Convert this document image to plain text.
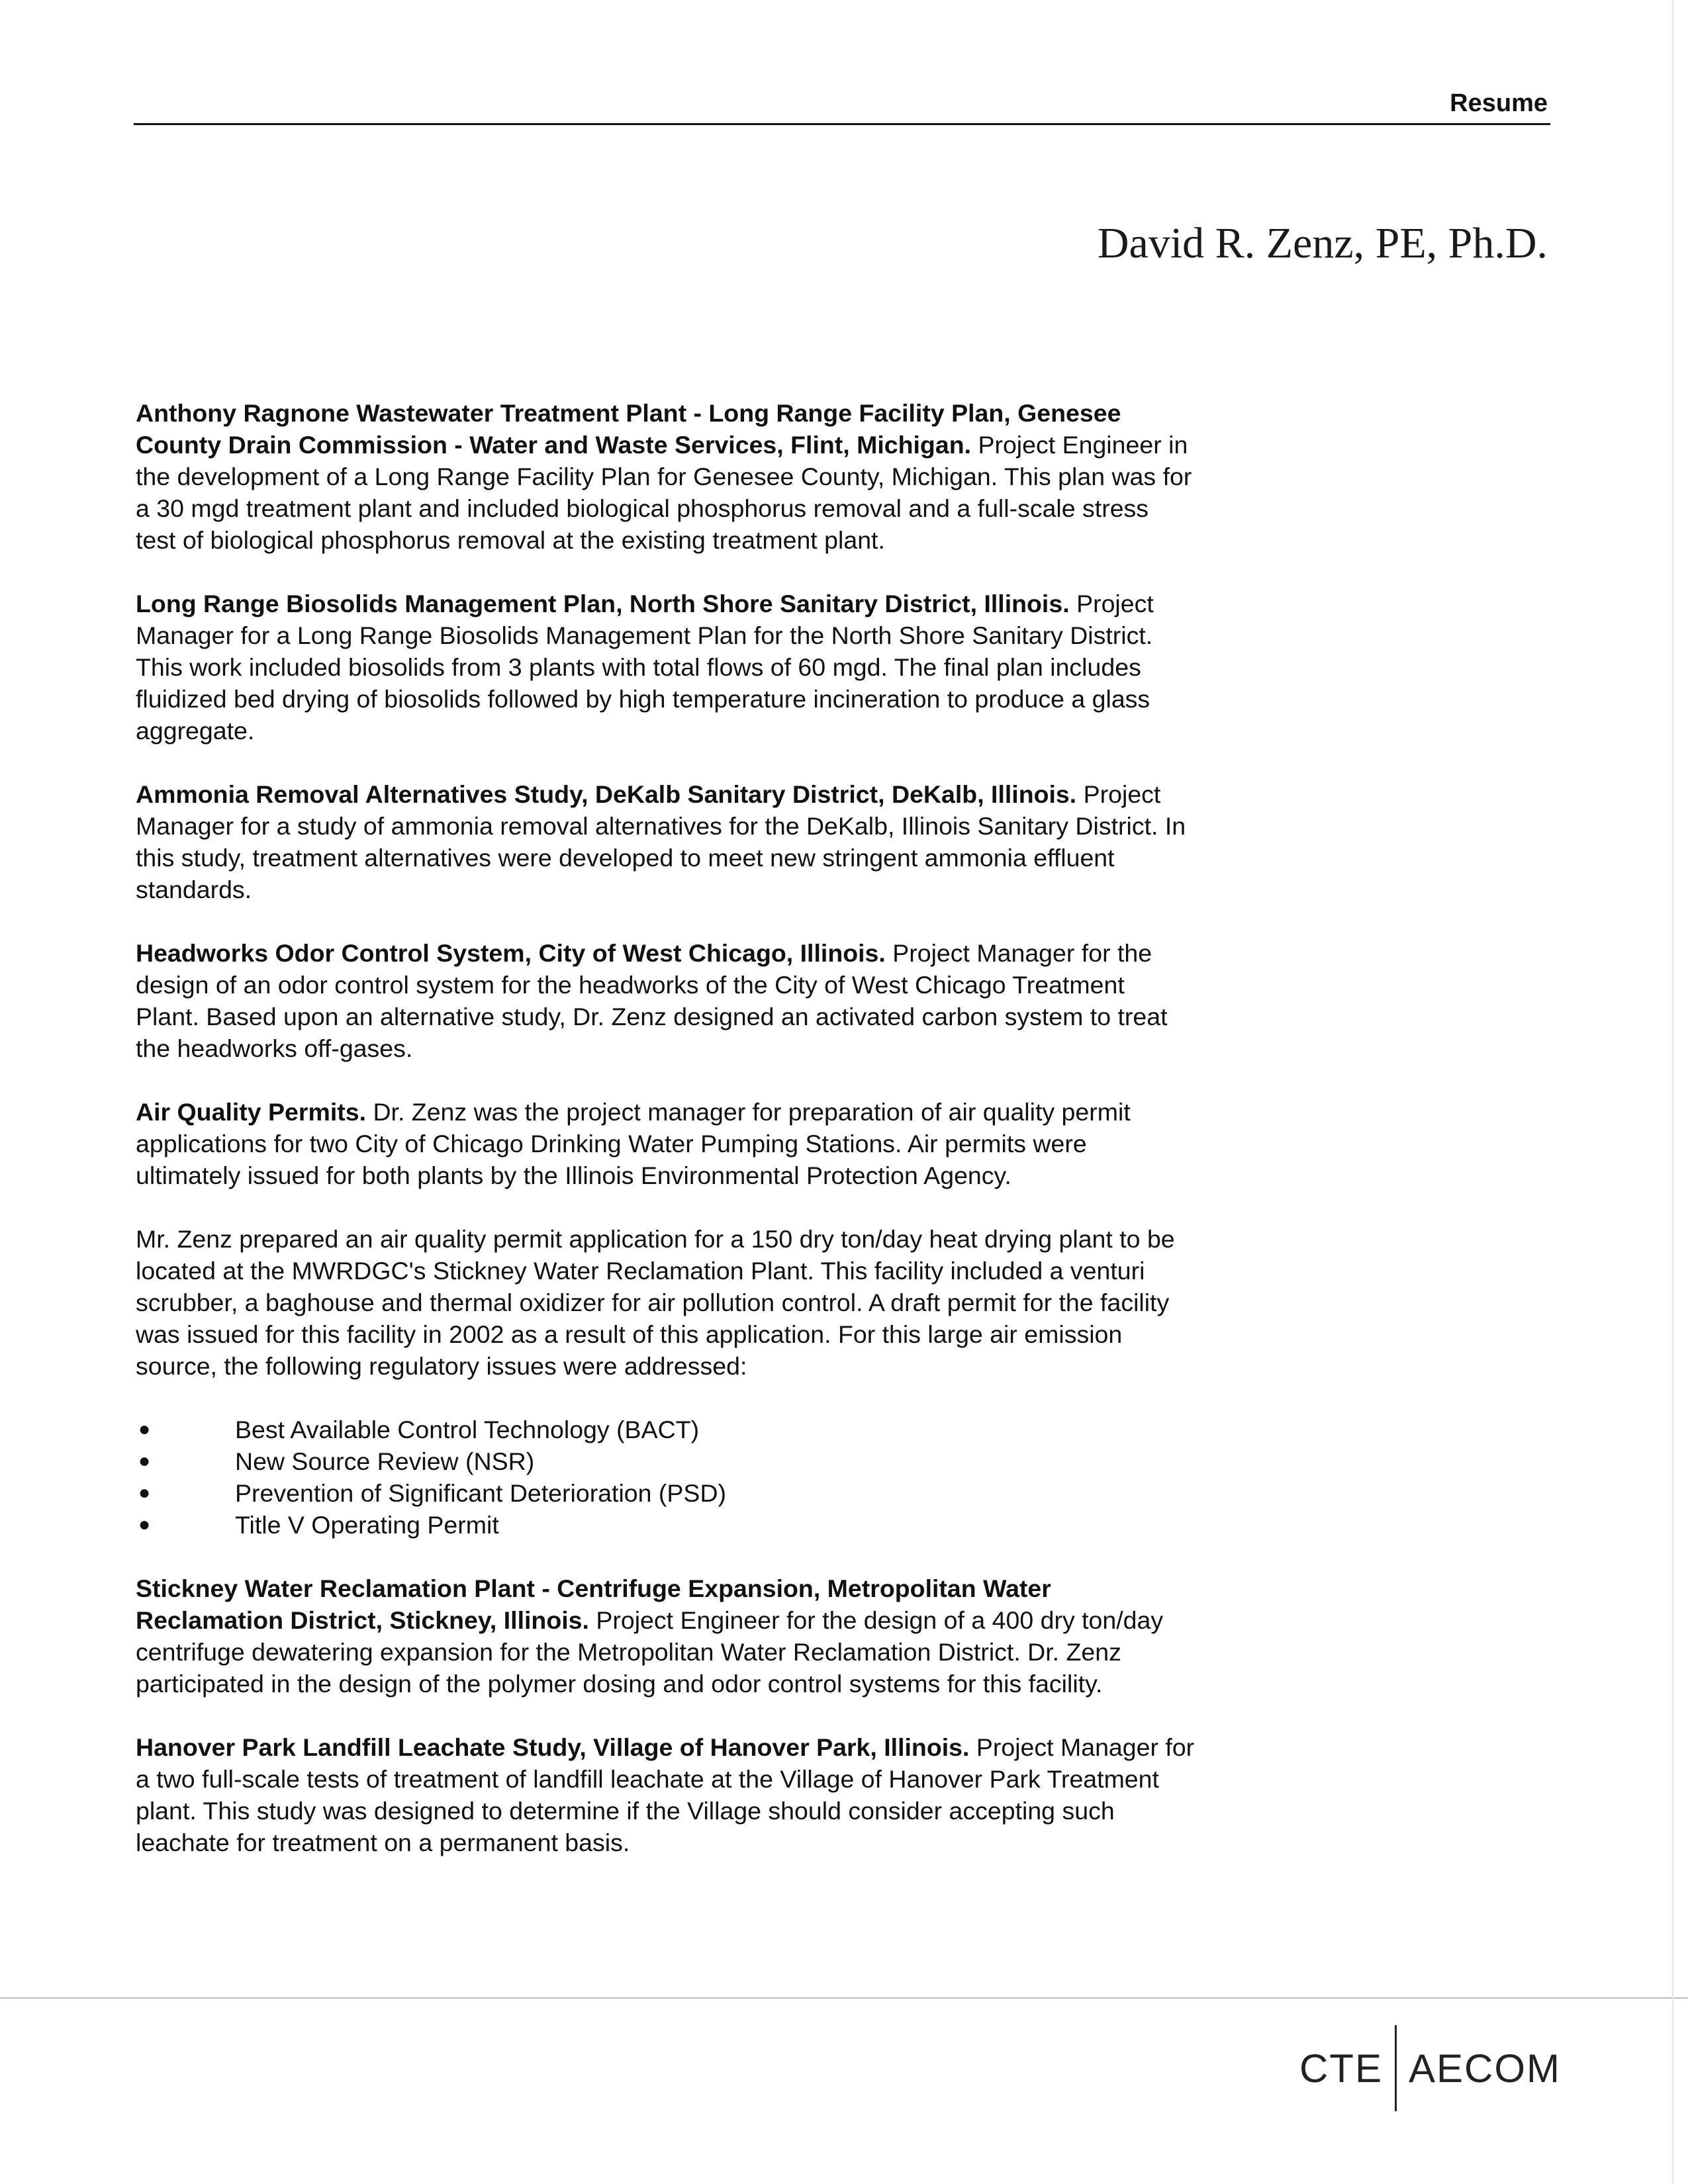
Resume
David R. Zenz, PE, Ph.D.

Anthony Ragnone Wastewater Treatment Plant - Long Range Facility Plan, Genesee County Drain Commission - Water and Waste Services, Flint, Michigan. Project Engineer in the development of a Long Range Facility Plan for Genesee County, Michigan. This plan was for a 30 mgd treatment plant and included biological phosphorus removal and a full-scale stress test of biological phosphorus removal at the existing treatment plant.

Long Range Biosolids Management Plan, North Shore Sanitary District, Illinois. Project Manager for a Long Range Biosolids Management Plan for the North Shore Sanitary District. This work included biosolids from 3 plants with total flows of 60 mgd. The final plan includes fluidized bed drying of biosolids followed by high temperature incineration to produce a glass aggregate.

Ammonia Removal Alternatives Study, DeKalb Sanitary District, DeKalb, Illinois. Project Manager for a study of ammonia removal alternatives for the DeKalb, Illinois Sanitary District. In this study, treatment alternatives were developed to meet new stringent ammonia effluent standards.

Headworks Odor Control System, City of West Chicago, Illinois. Project Manager for the design of an odor control system for the headworks of the City of West Chicago Treatment Plant. Based upon an alternative study, Dr. Zenz designed an activated carbon system to treat the headworks off-gases.

Air Quality Permits. Dr. Zenz was the project manager for preparation of air quality permit applications for two City of Chicago Drinking Water Pumping Stations. Air permits were ultimately issued for both plants by the Illinois Environmental Protection Agency.

Mr. Zenz prepared an air quality permit application for a 150 dry ton/day heat drying plant to be located at the MWRDGC's Stickney Water Reclamation Plant. This facility included a venturi scrubber, a baghouse and thermal oxidizer for air pollution control. A draft permit for the facility was issued for this facility in 2002 as a result of this application. For this large air emission source, the following regulatory issues were addressed:

●	Best Available Control Technology (BACT)
●	New Source Review (NSR)
●	Prevention of Significant Deterioration (PSD)
●	Title V Operating Permit

Stickney Water Reclamation Plant - Centrifuge Expansion, Metropolitan Water Reclamation District, Stickney, Illinois. Project Engineer for the design of a 400 dry ton/day centrifuge dewatering expansion for the Metropolitan Water Reclamation District. Dr. Zenz participated in the design of the polymer dosing and odor control systems for this facility.

Hanover Park Landfill Leachate Study, Village of Hanover Park, Illinois. Project Manager for a two full-scale tests of treatment of landfill leachate at the Village of Hanover Park Treatment plant. This study was designed to determine if the Village should consider accepting such leachate for treatment on a permanent basis.

CTE AECOM
